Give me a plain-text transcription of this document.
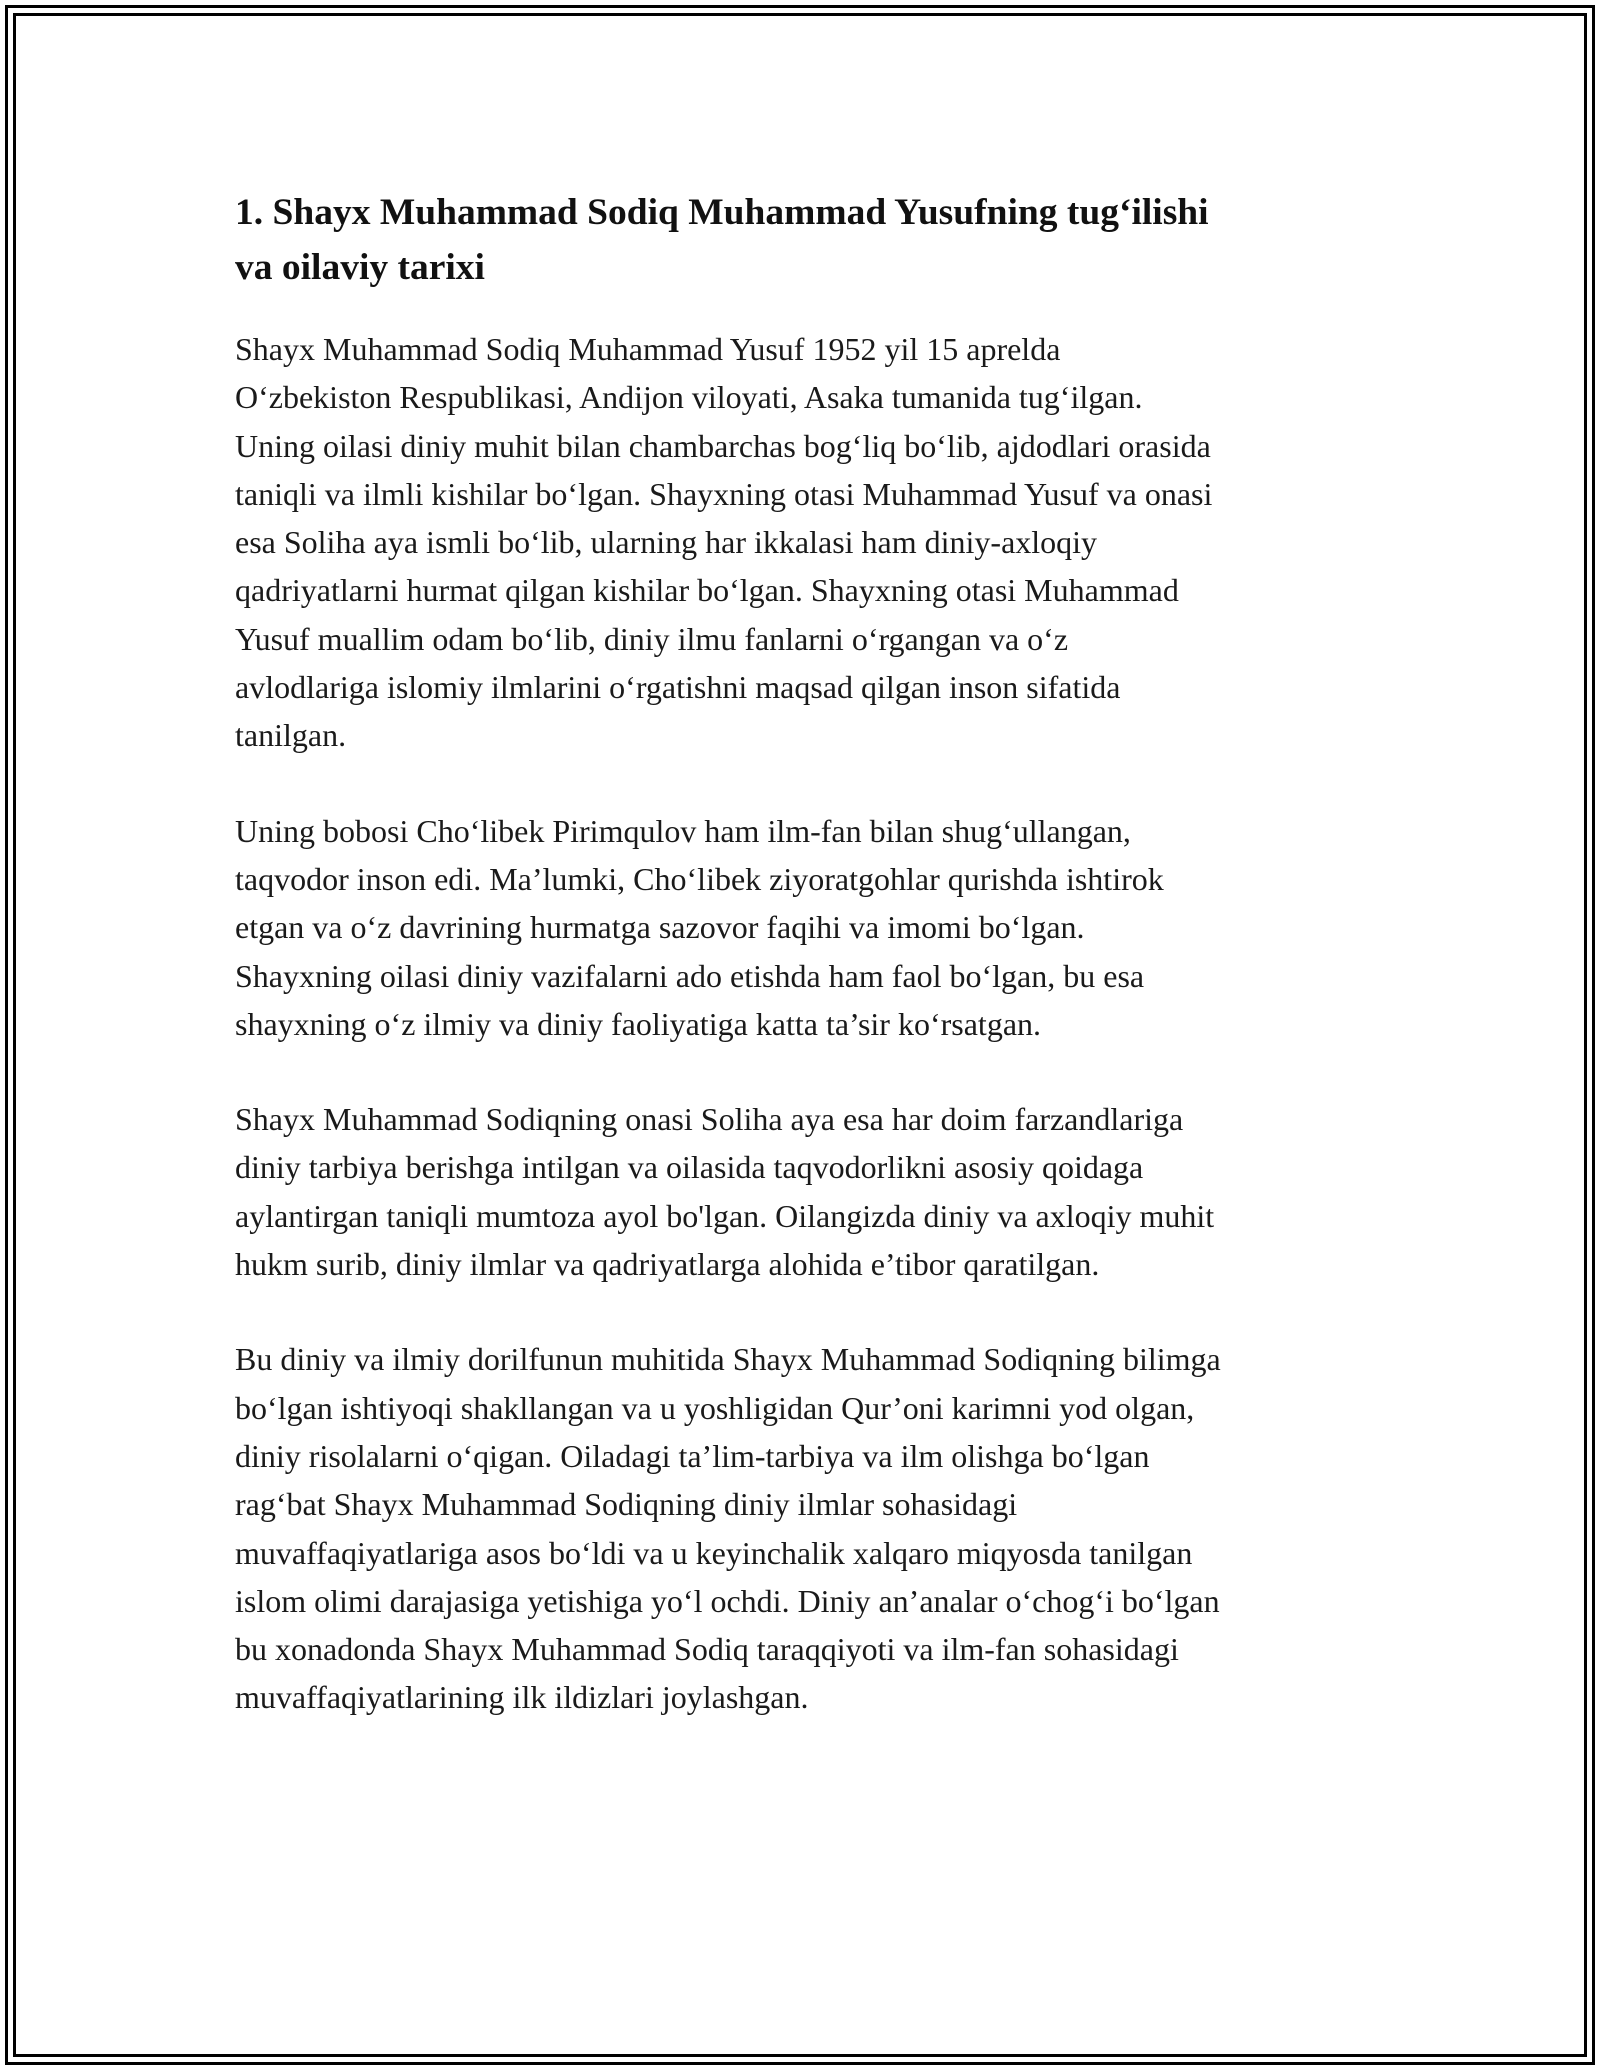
1. Shayx Muhammad Sodiq Muhammad Yusufning tug‘ilishi
va oilaviy tarixi

Shayx Muhammad Sodiq Muhammad Yusuf 1952 yil 15 aprelda
O‘zbekiston Respublikasi, Andijon viloyati, Asaka tumanida tug‘ilgan.
Uning oilasi diniy muhit bilan chambarchas bog‘liq bo‘lib, ajdodlari orasida
taniqli va ilmli kishilar bo‘lgan. Shayxning otasi Muhammad Yusuf va onasi
esa Soliha aya ismli bo‘lib, ularning har ikkalasi ham diniy-axloqiy
qadriyatlarni hurmat qilgan kishilar bo‘lgan. Shayxning otasi Muhammad
Yusuf muallim odam bo‘lib, diniy ilmu fanlarni o‘rgangan va o‘z
avlodlariga islomiy ilmlarini o‘rgatishni maqsad qilgan inson sifatida
tanilgan.

Uning bobosi Cho‘libek Pirimqulov ham ilm-fan bilan shug‘ullangan,
taqvodor inson edi. Ma’lumki, Cho‘libek ziyoratgohlar qurishda ishtirok
etgan va o‘z davrining hurmatga sazovor faqihi va imomi bo‘lgan.
Shayxning oilasi diniy vazifalarni ado etishda ham faol bo‘lgan, bu esa
shayxning o‘z ilmiy va diniy faoliyatiga katta ta’sir ko‘rsatgan.

Shayx Muhammad Sodiqning onasi Soliha aya esa har doim farzandlariga
diniy tarbiya berishga intilgan va oilasida taqvodorlikni asosiy qoidaga
aylantirgan taniqli mumtoza ayol bo'lgan. Oilangizda diniy va axloqiy muhit
hukm surib, diniy ilmlar va qadriyatlarga alohida e’tibor qaratilgan.

Bu diniy va ilmiy dorilfunun muhitida Shayx Muhammad Sodiqning bilimga
bo‘lgan ishtiyoqi shakllangan va u yoshligidan Qur’oni karimni yod olgan,
diniy risolalarni o‘qigan. Oiladagi ta’lim-tarbiya va ilm olishga bo‘lgan
rag‘bat Shayx Muhammad Sodiqning diniy ilmlar sohasidagi
muvaffaqiyatlariga asos bo‘ldi va u keyinchalik xalqaro miqyosda tanilgan
islom olimi darajasiga yetishiga yo‘l ochdi. Diniy an’analar o‘chog‘i bo‘lgan
bu xonadonda Shayx Muhammad Sodiq taraqqiyoti va ilm-fan sohasidagi
muvaffaqiyatlarining ilk ildizlari joylashgan.
